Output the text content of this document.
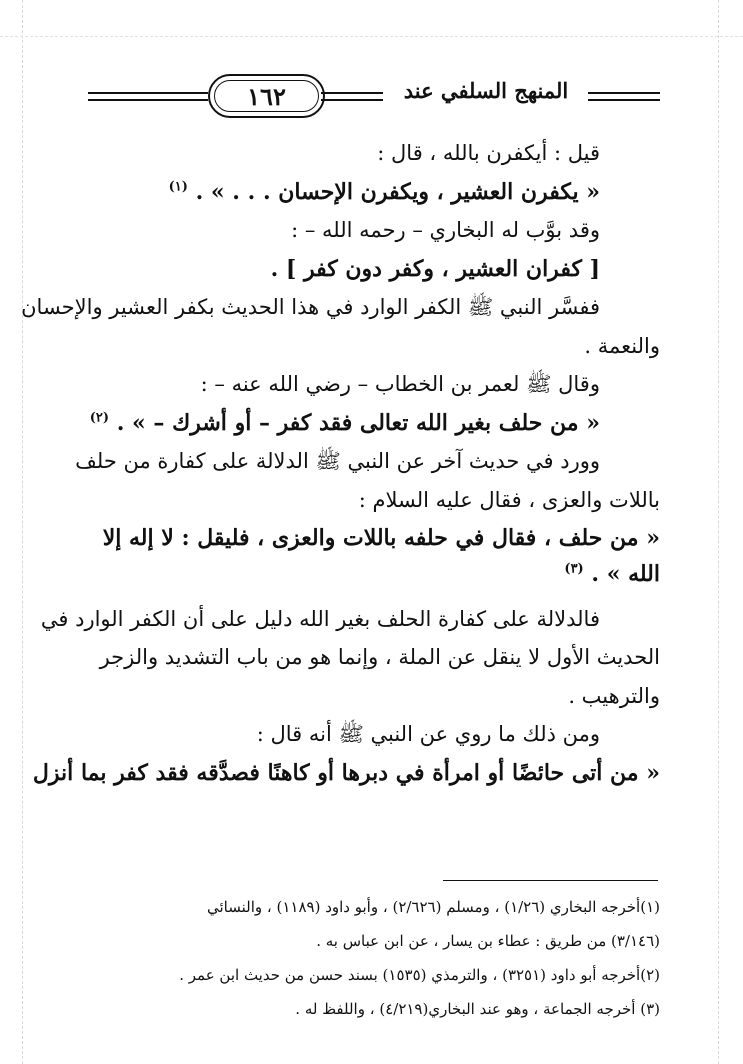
١٦٢	المنهج السلفي عند
قيل : أيكفرن بالله ، قال :
« يكفرن العشير ، ويكفرن الإحسان . . . » . $^{(١)}$
وقد بوَّب له البخاري – رحمه الله – :
[ كفران العشير ، وكفر دون كفر ] .
ففسَّر النبي ﷺ الكفر الوارد في هذا الحديث بكفر العشير والإحسان
والنعمة .
وقال ﷺ لعمر بن الخطاب – رضي الله عنه – :
« من حلف بغير الله تعالى فقد كفر – أو أشرك – » . $^{(٢)}$
وورد في حديث آخر عن النبي ﷺ الدلالة على كفارة من حلف
باللات والعزى ، فقال عليه السلام :
« من حلف ، فقال في حلفه باللات والعزى ، فليقل : لا إله إلا
الله » . $^{(٣)}$
فالدلالة على كفارة الحلف بغير الله دليل على أن الكفر الوارد في
الحديث الأول لا ينقل عن الملة ، وإنما هو من باب التشديد والزجر
والترهيب .
ومن ذلك ما روي عن النبي ﷺ أنه قال :
« من أتى حائضًا أو امرأة في دبرها أو كاهنًا فصدَّقه فقد كفر بما أنزل
(١)أخرجه البخاري (١/٢٦) ، ومسلم (٢/٦٢٦) ، وأبو داود (١١٨٩) ، والنسائي
(٣/١٤٦) من طريق : عطاء بن يسار ، عن ابن عباس به .
(٢)أخرجه أبو داود (٣٢٥١) ، والترمذي (١٥٣٥) بسند حسن من حديث ابن عمر .
(٣) أخرجه الجماعة ، وهو عند البخاري(٤/٢١٩) ، واللفظ له .
